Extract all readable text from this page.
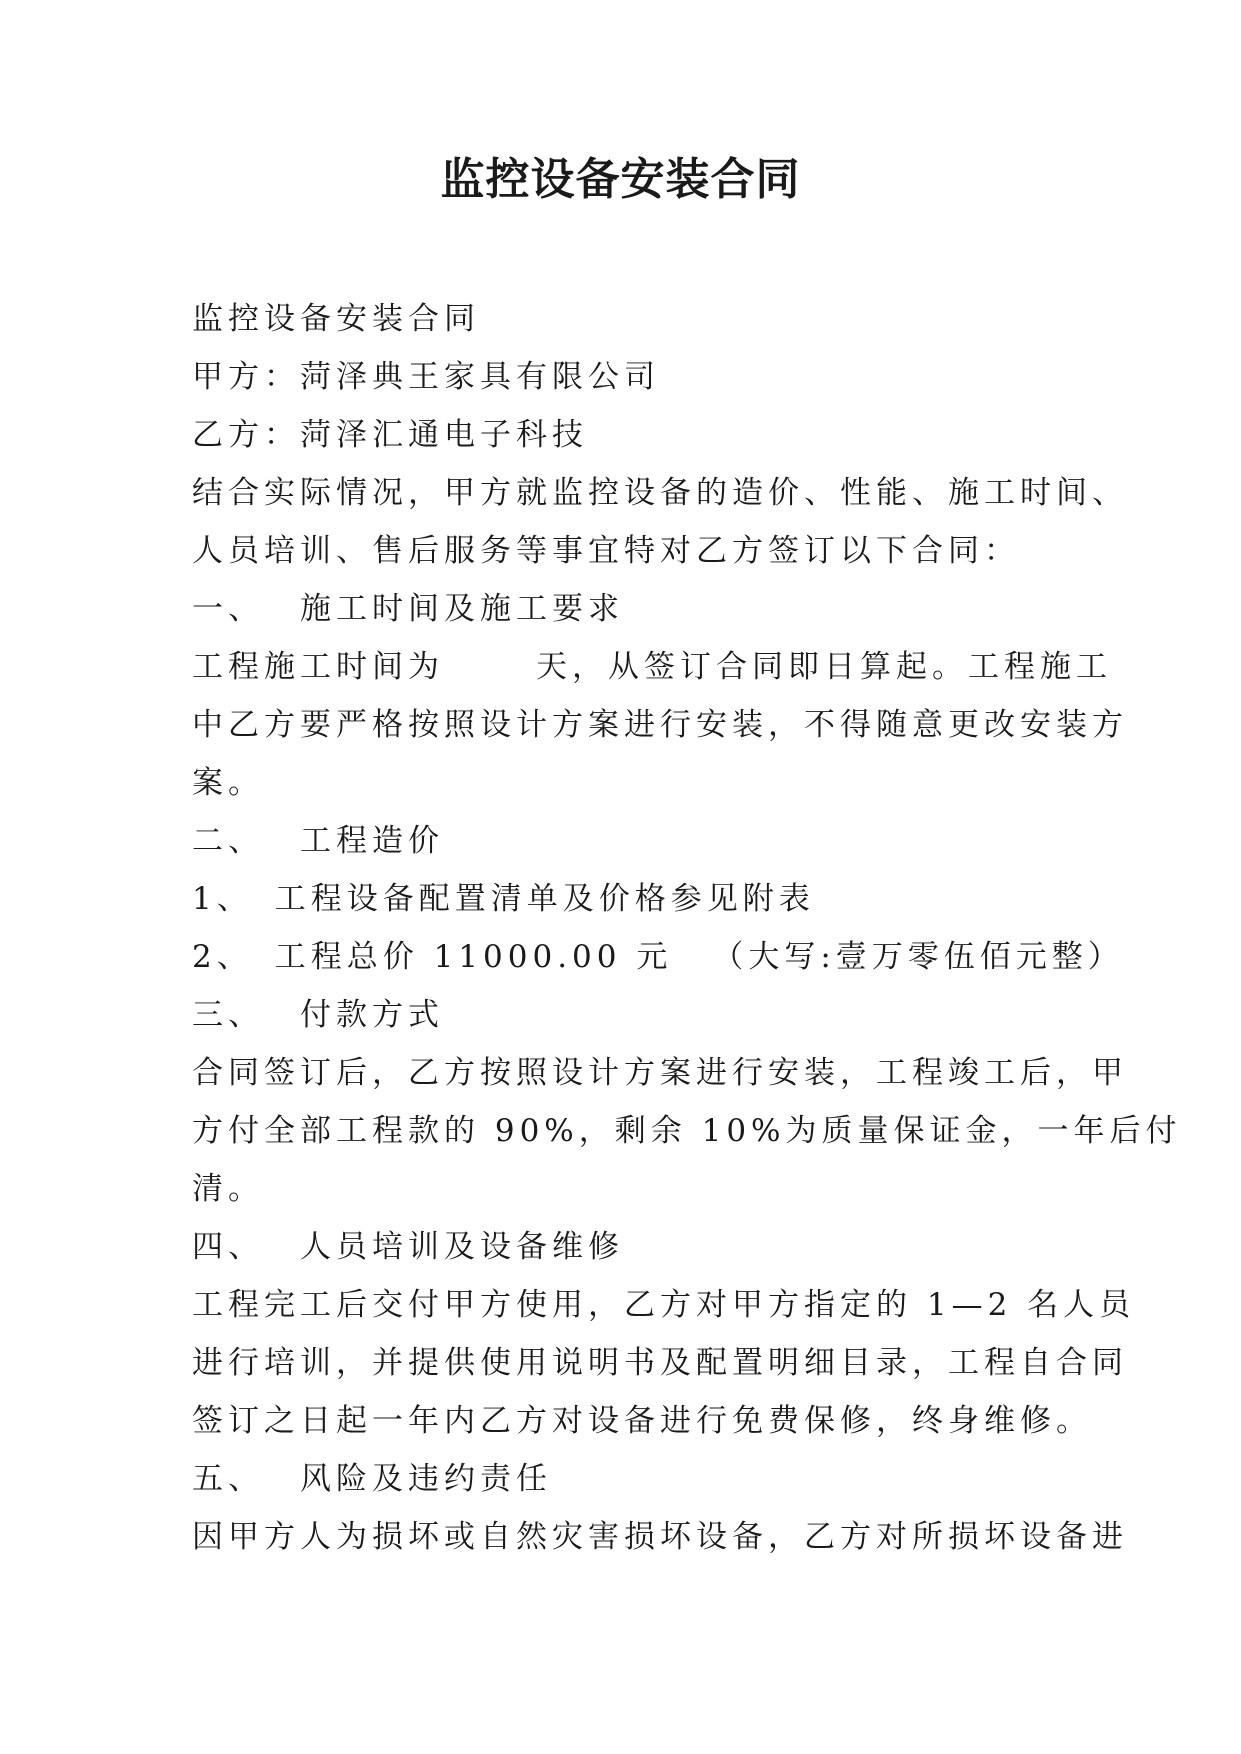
监控设备安装合同
监控设备安装合同
甲方：菏泽典王家具有限公司
乙方：菏泽汇通电子科技
结合实际情况，甲方就监控设备的造价、性能、施工时间、
人员培训、售后服务等事宜特对乙方签订以下合同：
一、 施工时间及施工要求
工程施工时间为	天，从签订合同即日算起。工程施工
中乙方要严格按照设计方案进行安装，不得随意更改安装方
案。
二、 工程造价
1、 工程设备配置清单及价格参见附表
2、 工程总价 11000.00 元 （大写:壹万零伍佰元整）
三、 付款方式
合同签订后，乙方按照设计方案进行安装，工程竣工后，甲
方付全部工程款的 90%，剩余 10%为质量保证金，一年后付
清。
四、 人员培训及设备维修
工程完工后交付甲方使用，乙方对甲方指定的 1—2 名人员
进行培训，并提供使用说明书及配置明细目录，工程自合同
签订之日起一年内乙方对设备进行免费保修，终身维修。
五、 风险及违约责任
因甲方人为损坏或自然灾害损坏设备，乙方对所损坏设备进
